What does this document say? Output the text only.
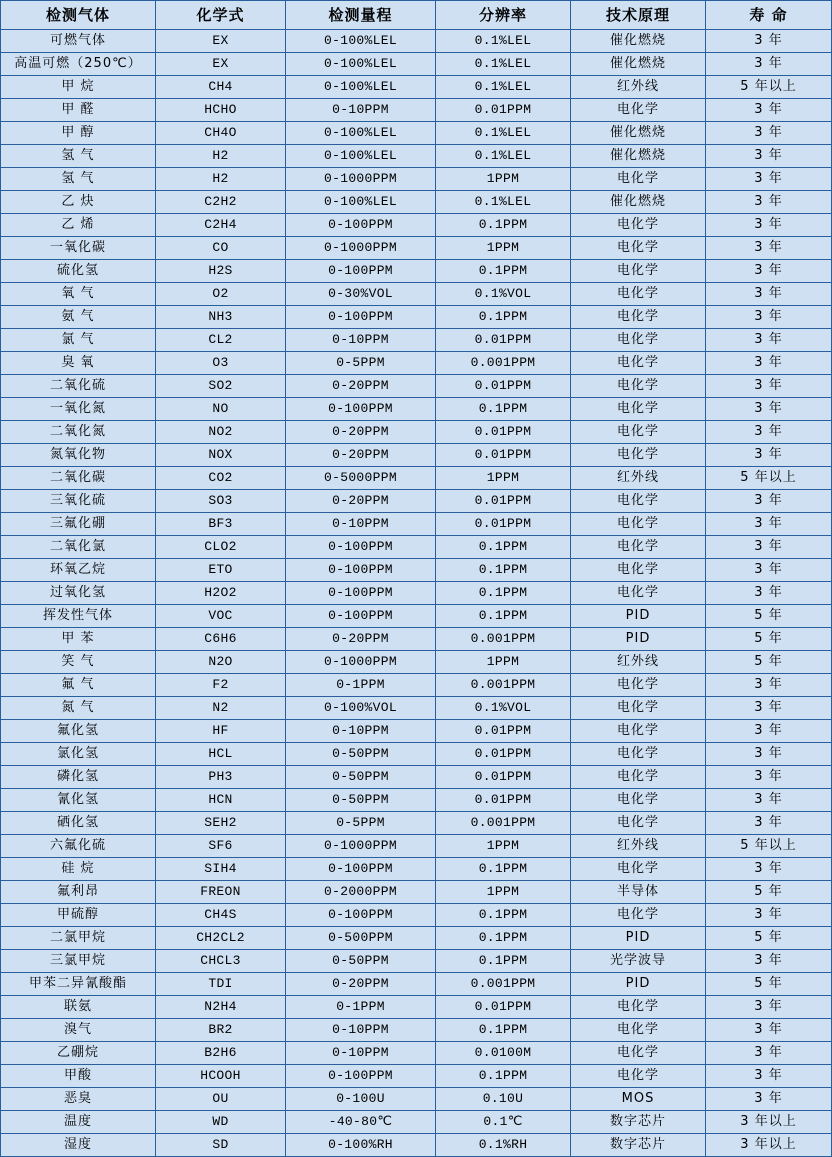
检测气体	化学式	检测量程	分辨率	技术原理	寿 命
可燃气体	EX	0-100%LEL	0.1%LEL	催化燃烧	3 年
高温可燃（250℃）	EX	0-100%LEL	0.1%LEL	催化燃烧	3 年
甲 烷	CH4	0-100%LEL	0.1%LEL	红外线	5 年以上
甲 醛	HCHO	0-10PPM	0.01PPM	电化学	3 年
甲 醇	CH4O	0-100%LEL	0.1%LEL	催化燃烧	3 年
氢 气	H2	0-100%LEL	0.1%LEL	催化燃烧	3 年
氢 气	H2	0-1000PPM	1PPM	电化学	3 年
乙 炔	C2H2	0-100%LEL	0.1%LEL	催化燃烧	3 年
乙 烯	C2H4	0-100PPM	0.1PPM	电化学	3 年
一氧化碳	CO	0-1000PPM	1PPM	电化学	3 年
硫化氢	H2S	0-100PPM	0.1PPM	电化学	3 年
氧 气	O2	0-30%VOL	0.1%VOL	电化学	3 年
氨 气	NH3	0-100PPM	0.1PPM	电化学	3 年
氯 气	CL2	0-10PPM	0.01PPM	电化学	3 年
臭 氧	O3	0-5PPM	0.001PPM	电化学	3 年
二氧化硫	SO2	0-20PPM	0.01PPM	电化学	3 年
一氧化氮	NO	0-100PPM	0.1PPM	电化学	3 年
二氧化氮	NO2	0-20PPM	0.01PPM	电化学	3 年
氮氧化物	NOX	0-20PPM	0.01PPM	电化学	3 年
二氧化碳	CO2	0-5000PPM	1PPM	红外线	5 年以上
三氧化硫	SO3	0-20PPM	0.01PPM	电化学	3 年
三氟化硼	BF3	0-10PPM	0.01PPM	电化学	3 年
二氧化氯	CLO2	0-100PPM	0.1PPM	电化学	3 年
环氧乙烷	ETO	0-100PPM	0.1PPM	电化学	3 年
过氧化氢	H2O2	0-100PPM	0.1PPM	电化学	3 年
挥发性气体	VOC	0-100PPM	0.1PPM	PID	5 年
甲 苯	C6H6	0-20PPM	0.001PPM	PID	5 年
笑 气	N2O	0-1000PPM	1PPM	红外线	5 年
氟 气	F2	0-1PPM	0.001PPM	电化学	3 年
氮 气	N2	0-100%VOL	0.1%VOL	电化学	3 年
氟化氢	HF	0-10PPM	0.01PPM	电化学	3 年
氯化氢	HCL	0-50PPM	0.01PPM	电化学	3 年
磷化氢	PH3	0-50PPM	0.01PPM	电化学	3 年
氰化氢	HCN	0-50PPM	0.01PPM	电化学	3 年
硒化氢	SEH2	0-5PPM	0.001PPM	电化学	3 年
六氟化硫	SF6	0-1000PPM	1PPM	红外线	5 年以上
硅 烷	SIH4	0-100PPM	0.1PPM	电化学	3 年
氟利昂	FREON	0-2000PPM	1PPM	半导体	5 年
甲硫醇	CH4S	0-100PPM	0.1PPM	电化学	3 年
二氯甲烷	CH2CL2	0-500PPM	0.1PPM	PID	5 年
三氯甲烷	CHCL3	0-50PPM	0.1PPM	光学波导	3 年
甲苯二异氰酸酯	TDI	0-20PPM	0.001PPM	PID	5 年
联氨	N2H4	0-1PPM	0.01PPM	电化学	3 年
溴气	BR2	0-10PPM	0.1PPM	电化学	3 年
乙硼烷	B2H6	0-10PPM	0.0100M	电化学	3 年
甲酸	HCOOH	0-100PPM	0.1PPM	电化学	3 年
恶臭	OU	0-100U	0.10U	MOS	3 年
温度	WD	-40-80℃	0.1℃	数字芯片	3 年以上
湿度	SD	0-100%RH	0.1%RH	数字芯片	3 年以上
